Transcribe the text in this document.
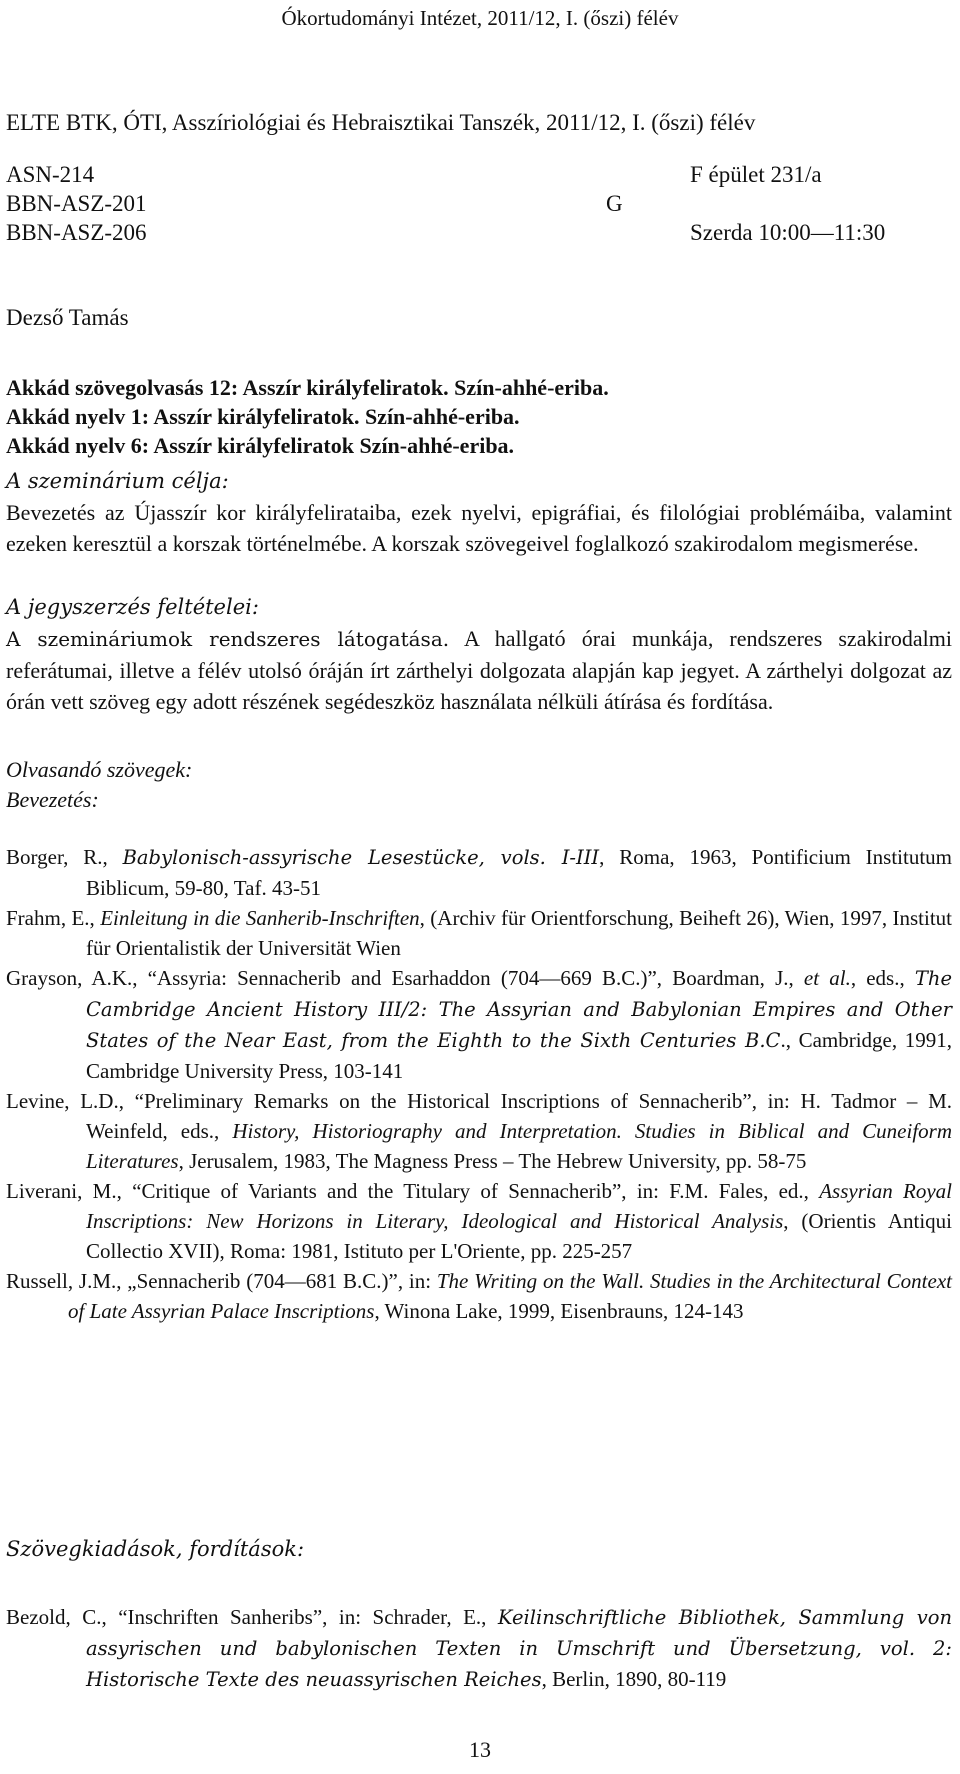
Ókortudományi Intézet, 2011/12, I. (őszi) félév
ELTE BTK, ÓTI, Asszíriológiai és Hebraisztikai Tanszék, 2011/12, I. (őszi) félév
ASN-214	F épület 231/a
BBN-ASZ-201	G
BBN-ASZ-206	Szerda 10:00—11:30
Dezső Tamás
Akkád szövegolvasás 12: Asszír királyfeliratok. Szín-ahhé-eriba.
Akkád nyelv 1: Asszír királyfeliratok. Szín-ahhé-eriba.
Akkád nyelv 6: Asszír királyfeliratok Szín-ahhé-eriba.
A szeminárium célja:
Bevezetés az Újasszír kor királyfelirataiba, ezek nyelvi, epigráfiai, és filológiai problémáiba, valamint ezeken keresztül a korszak történelmébe. A korszak szövegeivel foglalkozó szakirodalom megismerése.
A jegyszerzés feltételei:
A szemináriumok rendszeres látogatása. A hallgató órai munkája, rendszeres szakirodalmi referátumai, illetve a félév utolsó óráján írt zárthelyi dolgozata alapján kap jegyet. A zárthelyi dolgozat az órán vett szöveg egy adott részének segédeszköz használata nélküli átírása és fordítása.
Olvasandó szövegek:
Bevezetés:

Borger, R., Babylonisch-assyrische Lesestücke, vols. I-III, Roma, 1963, Pontificium Institutum Biblicum, 59-80, Taf. 43-51

Frahm, E., Einleitung in die Sanherib-Inschriften, (Archiv für Orientforschung, Beiheft 26), Wien, 1997, Institut für Orientalistik der Universität Wien

Grayson, A.K., “Assyria: Sennacherib and Esarhaddon (704—669 B.C.)”, Boardman, J., et al., eds., The Cambridge Ancient History III/2: The Assyrian and Babylonian Empires and Other States of the Near East, from the Eighth to the Sixth Centuries B.C., Cambridge, 1991, Cambridge University Press, 103-141

Levine, L.D., “Preliminary Remarks on the Historical Inscriptions of Sennacherib”, in: H. Tadmor – M. Weinfeld, eds., History, Historiography and Interpretation. Studies in Biblical and Cuneiform Literatures, Jerusalem, 1983, The Magness Press – The Hebrew University, pp. 58-75

Liverani, M., “Critique of Variants and the Titulary of Sennacherib”, in: F.M. Fales, ed., Assyrian Royal Inscriptions: New Horizons in Literary, Ideological and Historical Analysis, (Orientis Antiqui Collectio XVII), Roma: 1981, Istituto per L'Oriente, pp. 225-257

Russell, J.M., „Sennacherib (704—681 B.C.)”, in: The Writing on the Wall. Studies in the Architectural Context of Late Assyrian Palace Inscriptions, Winona Lake, 1999, Eisenbrauns, 124-143

Szövegkiadások, fordítások:

Bezold, C., “Inschriften Sanheribs”, in: Schrader, E., Keilinschriftliche Bibliothek, Sammlung von assyrischen und babylonischen Texten in Umschrift und Übersetzung, vol. 2: Historische Texte des neuassyrischen Reiches, Berlin, 1890, 80-119

13
